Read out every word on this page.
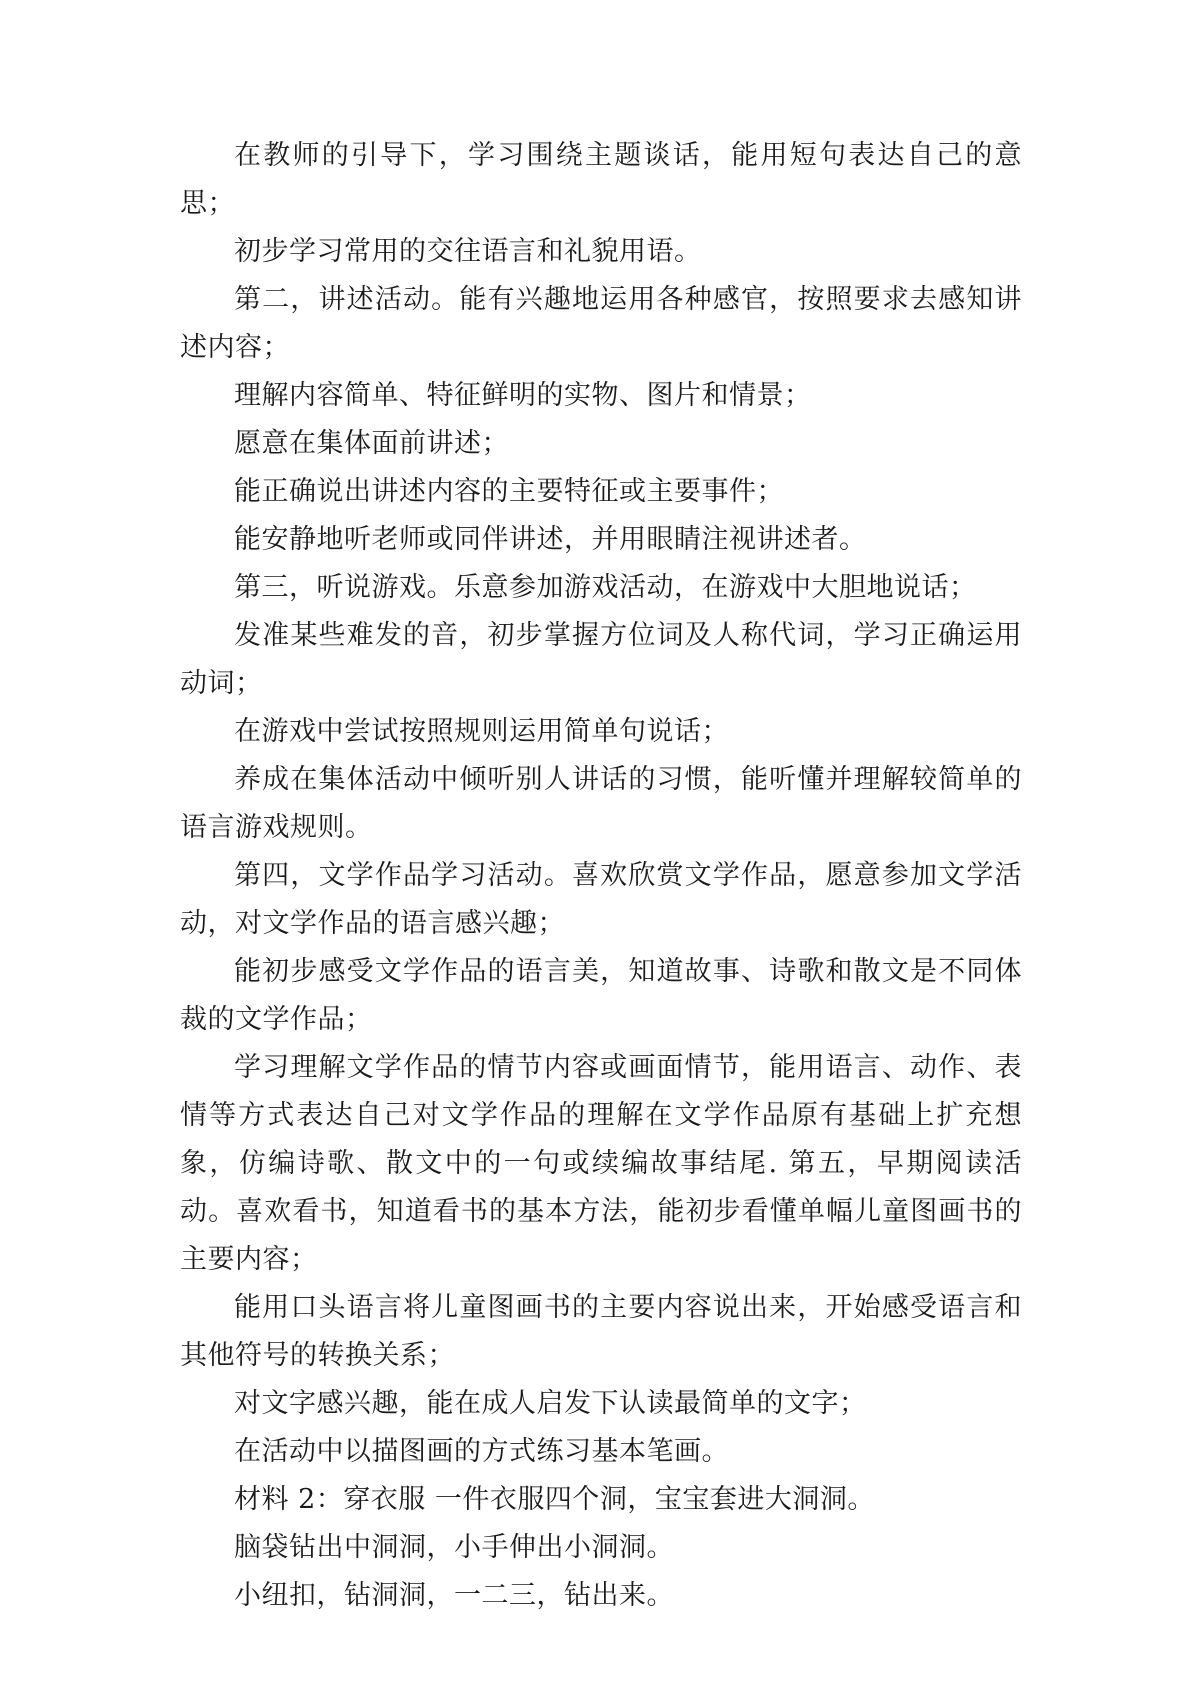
在教师的引导下，学习围绕主题谈话，能用短句表达自己的意思；

初步学习常用的交往语言和礼貌用语。

第二，讲述活动。能有兴趣地运用各种感官，按照要求去感知讲述内容；

理解内容简单、特征鲜明的实物、图片和情景；

愿意在集体面前讲述；

能正确说出讲述内容的主要特征或主要事件；

能安静地听老师或同伴讲述，并用眼睛注视讲述者。

第三，听说游戏。乐意参加游戏活动，在游戏中大胆地说话；

发准某些难发的音，初步掌握方位词及人称代词，学习正确运用动词；

在游戏中尝试按照规则运用简单句说话；

养成在集体活动中倾听别人讲话的习惯，能听懂并理解较简单的语言游戏规则。

第四，文学作品学习活动。喜欢欣赏文学作品，愿意参加文学活动，对文学作品的语言感兴趣；

能初步感受文学作品的语言美，知道故事、诗歌和散文是不同体裁的文学作品；

学习理解文学作品的情节内容或画面情节，能用语言、动作、表情等方式表达自己对文学作品的理解在文学作品原有基础上扩充想象，仿编诗歌、散文中的一句或续编故事结尾. 第五，早期阅读活动。喜欢看书，知道看书的基本方法，能初步看懂单幅儿童图画书的主要内容；

能用口头语言将儿童图画书的主要内容说出来，开始感受语言和其他符号的转换关系；

对文字感兴趣，能在成人启发下认读最简单的文字；

在活动中以描图画的方式练习基本笔画。

材料 2：穿衣服 一件衣服四个洞，宝宝套进大洞洞。

脑袋钻出中洞洞，小手伸出小洞洞。

小纽扣，钻洞洞，一二三，钻出来。
